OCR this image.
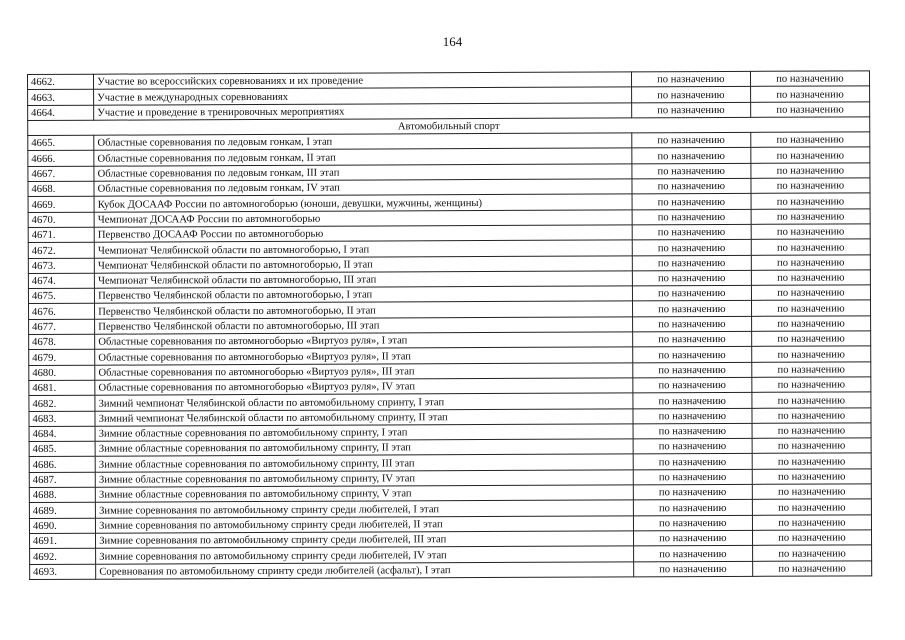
164
4662.	Участие во всероссийских соревнованиях и их проведение	по назначению	по назначению
4663.	Участие в международных соревнованиях	по назначению	по назначению
4664.	Участие и проведение в тренировочных мероприятиях	по назначению	по назначению
Автомобильный спорт			
4665.	Областные соревнования по ледовым гонкам, I этап	по назначению	по назначению
4666.	Областные соревнования по ледовым гонкам, II этап	по назначению	по назначению
4667.	Областные соревнования по ледовым гонкам, III этап	по назначению	по назначению
4668.	Областные соревнования по ледовым гонкам, IV этап	по назначению	по назначению
4669.	Кубок ДОСААФ России по автомногоборью (юноши, девушки, мужчины, женщины)	по назначению	по назначению
4670.	Чемпионат ДОСААФ России по автомногоборью	по назначению	по назначению
4671.	Первенство ДОСААФ России по автомногоборью	по назначению	по назначению
4672.	Чемпионат Челябинской области по автомногоборью, I этап	по назначению	по назначению
4673.	Чемпионат Челябинской области по автомногоборью, II этап	по назначению	по назначению
4674.	Чемпионат Челябинской области по автомногоборью, III этап	по назначению	по назначению
4675.	Первенство Челябинской области по автомногоборью, I этап	по назначению	по назначению
4676.	Первенство Челябинской области по автомногоборью, II этап	по назначению	по назначению
4677.	Первенство Челябинской области по автомногоборью, III этап	по назначению	по назначению
4678.	Областные соревнования по автомногоборью «Виртуоз руля», I этап	по назначению	по назначению
4679.	Областные соревнования по автомногоборью «Виртуоз руля», II этап	по назначению	по назначению
4680.	Областные соревнования по автомногоборью «Виртуоз руля», III этап	по назначению	по назначению
4681.	Областные соревнования по автомногоборью «Виртуоз руля», IV этап	по назначению	по назначению
4682.	Зимний чемпионат Челябинской области по автомобильному спринту, I этап	по назначению	по назначению
4683.	Зимний чемпионат Челябинской области по автомобильному спринту, II этап	по назначению	по назначению
4684.	Зимние областные соревнования по автомобильному спринту, I этап	по назначению	по назначению
4685.	Зимние областные соревнования по автомобильному спринту, II этап	по назначению	по назначению
4686.	Зимние областные соревнования по автомобильному спринту, III этап	по назначению	по назначению
4687.	Зимние областные соревнования по автомобильному спринту, IV этап	по назначению	по назначению
4688.	Зимние областные соревнования по автомобильному спринту, V этап	по назначению	по назначению
4689.	Зимние соревнования по автомобильному спринту среди любителей, I этап	по назначению	по назначению
4690.	Зимние соревнования по автомобильному спринту среди любителей, II этап	по назначению	по назначению
4691.	Зимние соревнования по автомобильному спринту среди любителей, III этап	по назначению	по назначению
4692.	Зимние соревнования по автомобильному спринту среди любителей, IV этап	по назначению	по назначению
4693.	Соревнования по автомобильному спринту среди любителей (асфальт), I этап	по назначению	по назначению
